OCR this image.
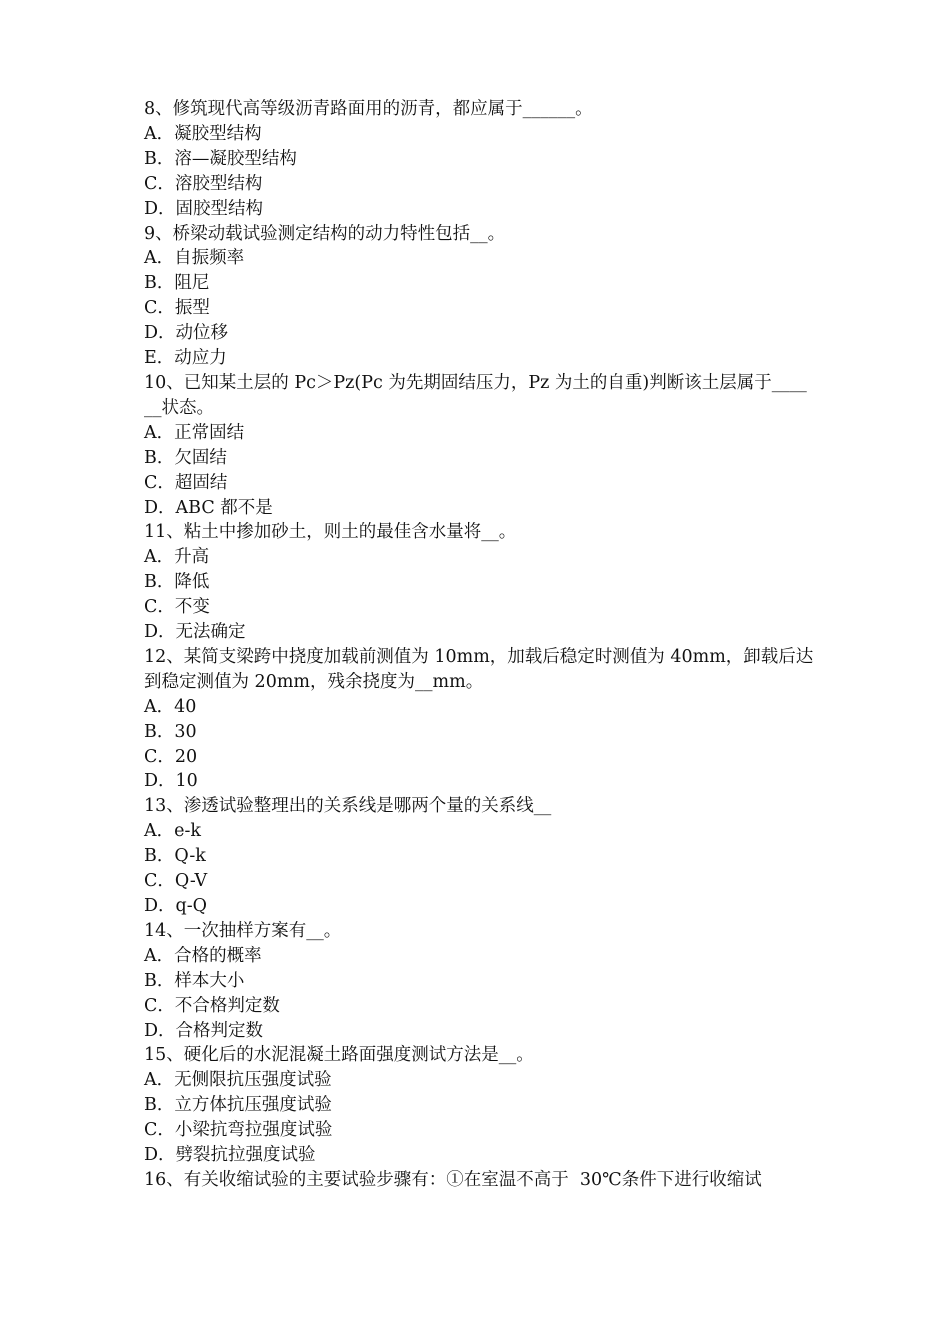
8、修筑现代高等级沥青路面用的沥青，都应属于______。

A．凝胶型结构

B．溶—凝胶型结构

C．溶胶型结构

D．固胶型结构

9、桥梁动载试验测定结构的动力特性包括__。

A．自振频率

B．阻尼

C．振型

D．动位移

E．动应力

10、已知某土层的 Pc＞Pz(Pc 为先期固结压力，Pz 为土的自重)判断该土层属于______状态。

A．正常固结

B．欠固结

C．超固结

D．ABC 都不是

11、粘土中掺加砂土，则土的最佳含水量将__。

A．升高

B．降低

C．不变

D．无法确定

12、某简支梁跨中挠度加载前测值为 10mm，加载后稳定时测值为 40mm，卸载后达到稳定测值为 20mm，残余挠度为__mm。

A．40

B．30

C．20

D．10

13、渗透试验整理出的关系线是哪两个量的关系线__

A．e-k

B．Q-k

C．Q-V

D．q-Q

14、一次抽样方案有__。

A．合格的概率

B．样本大小

C．不合格判定数

D．合格判定数

15、硬化后的水泥混凝土路面强度测试方法是__。

A．无侧限抗压强度试验

B．立方体抗压强度试验

C．小梁抗弯拉强度试验

D．劈裂抗拉强度试验

16、有关收缩试验的主要试验步骤有：①在室温不高于  30℃条件下进行收缩试
